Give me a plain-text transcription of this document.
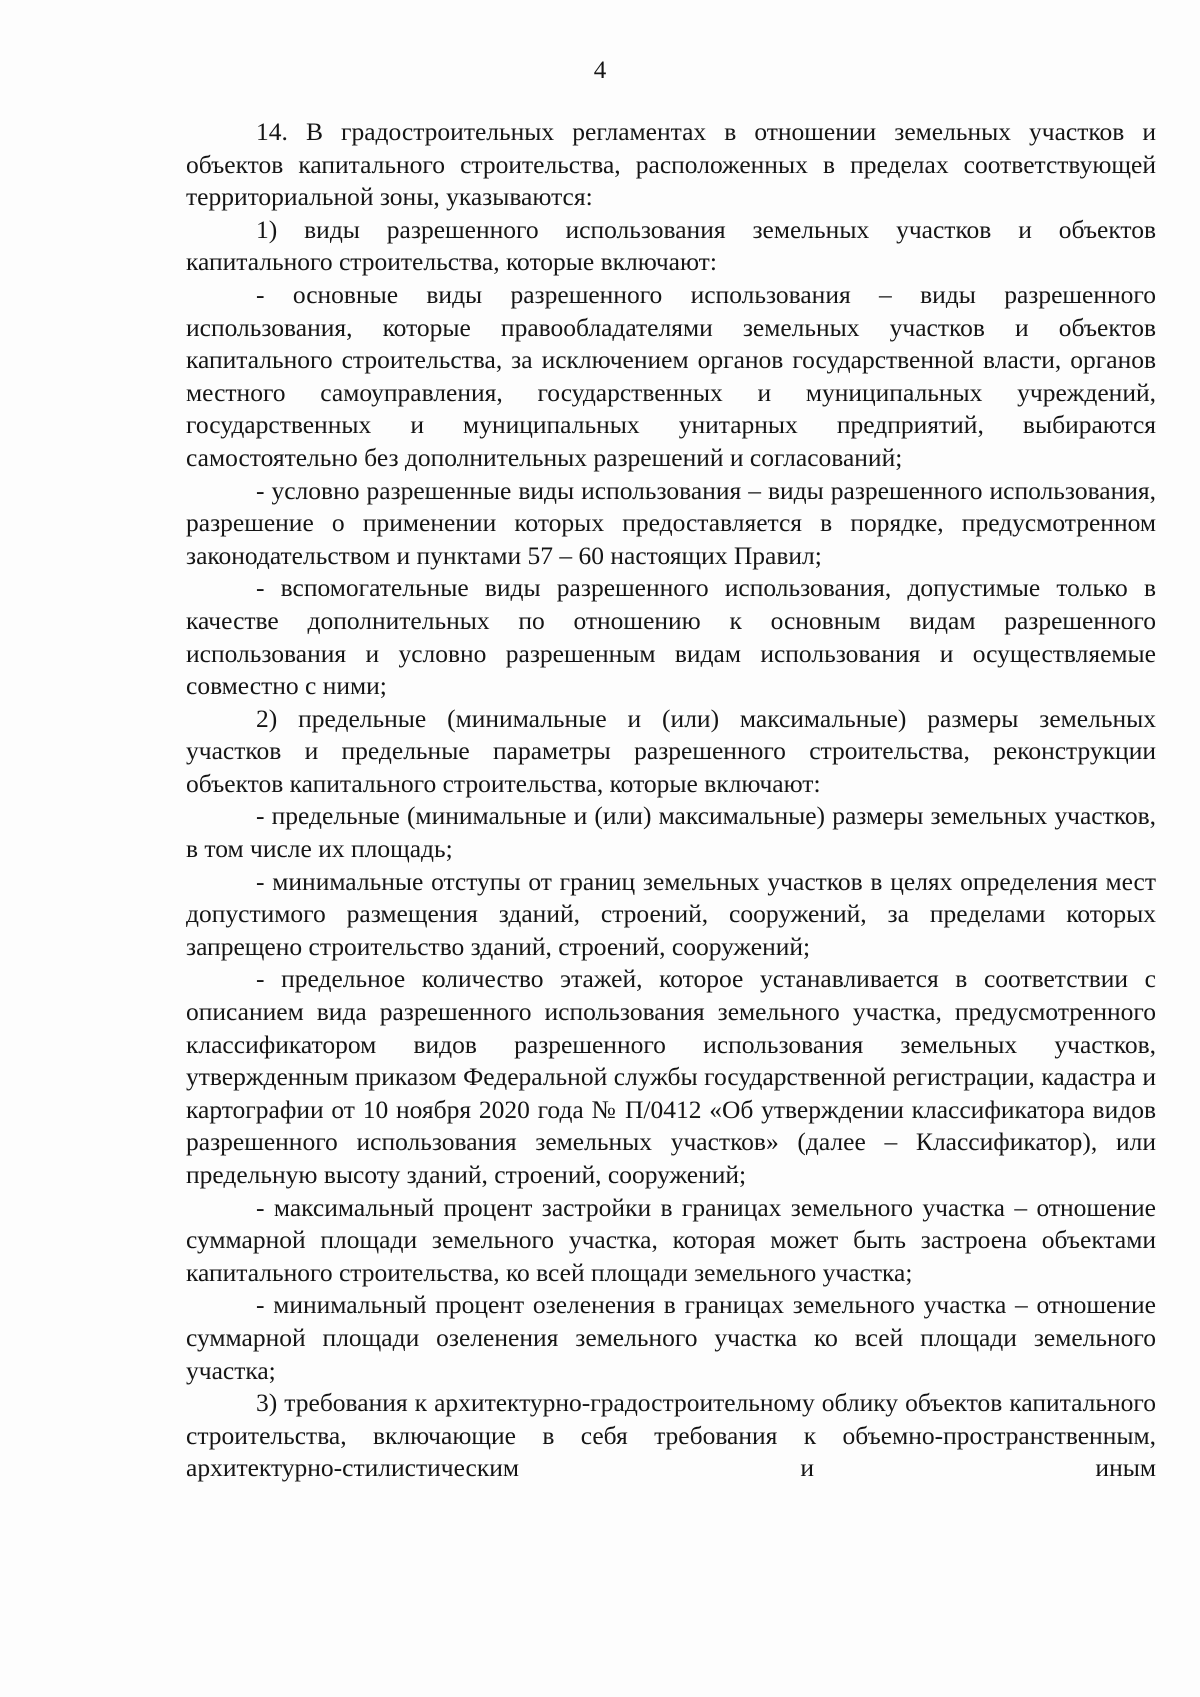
4

14. В градостроительных регламентах в отношении земельных участков и объектов капитального строительства, расположенных в пределах соответствующей территориальной зоны, указываются:

1) виды разрешенного использования земельных участков и объектов капитального строительства, которые включают:

- основные виды разрешенного использования – виды разрешенного использования, которые правообладателями земельных участков и объектов капитального строительства, за исключением органов государственной власти, органов местного самоуправления, государственных и муниципальных учреждений, государственных и муниципальных унитарных предприятий, выбираются самостоятельно без дополнительных разрешений и согласований;

- условно разрешенные виды использования – виды разрешенного использования, разрешение о применении которых предоставляется в порядке, предусмотренном законодательством и пунктами 57 – 60 настоящих Правил;

- вспомогательные виды разрешенного использования, допустимые только в качестве дополнительных по отношению к основным видам разрешенного использования и условно разрешенным видам использования и осуществляемые совместно с ними;

2) предельные (минимальные и (или) максимальные) размеры земельных участков и предельные параметры разрешенного строительства, реконструкции объектов капитального строительства, которые включают:

- предельные (минимальные и (или) максимальные) размеры земельных участков, в том числе их площадь;

- минимальные отступы от границ земельных участков в целях определения мест допустимого размещения зданий, строений, сооружений, за пределами которых запрещено строительство зданий, строений, сооружений;

- предельное количество этажей, которое устанавливается в соответствии с описанием вида разрешенного использования земельного участка, предусмотренного классификатором видов разрешенного использования земельных участков, утвержденным приказом Федеральной службы государственной регистрации, кадастра и картографии от 10 ноября 2020 года № П/0412 «Об утверждении классификатора видов разрешенного использования земельных участков» (далее – Классификатор), или предельную высоту зданий, строений, сооружений;

- максимальный процент застройки в границах земельного участка – отношение суммарной площади земельного участка, которая может быть застроена объектами капитального строительства, ко всей площади земельного участка;

- минимальный процент озеленения в границах земельного участка – отношение суммарной площади озеленения земельного участка ко всей площади земельного участка;

3) требования к архитектурно-градостроительному облику объектов капитального строительства, включающие в себя требования к объемно-пространственным, архитектурно-стилистическим и иным
